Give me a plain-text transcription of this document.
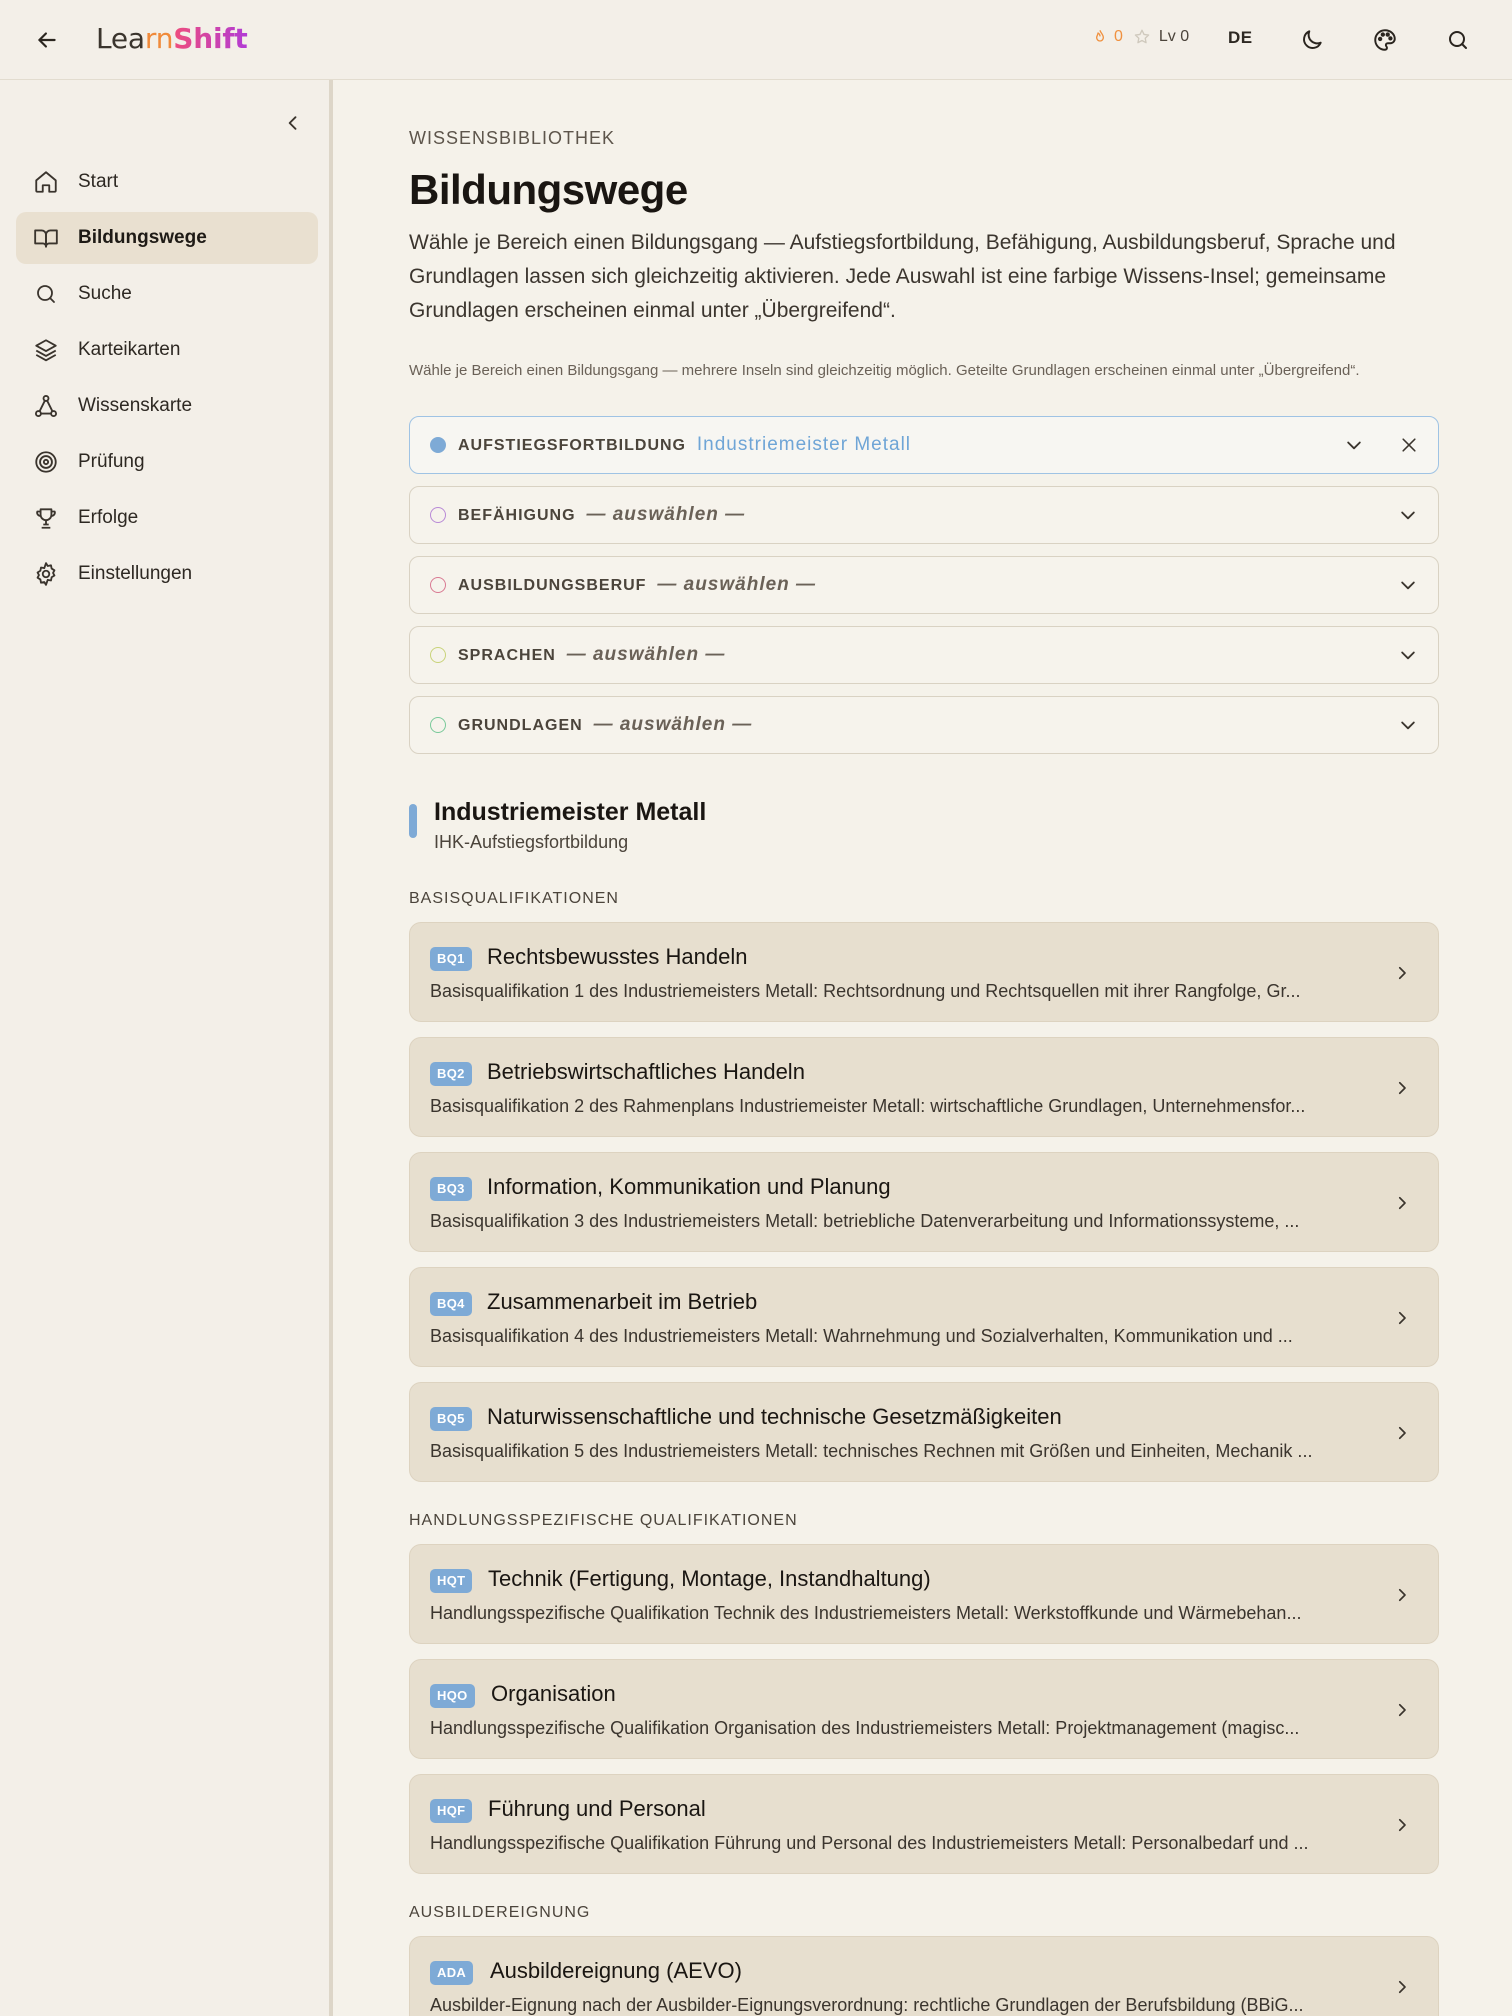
LearnShift	0 Lv 0 DE
Start
Bildungswege
Suche
Karteikarten
Wissenskarte
Prüfung
Erfolge
Einstellungen
WISSENSBIBLIOTHEK
Bildungswege

Wähle je Bereich einen Bildungsgang — Aufstiegsfortbildung, Befähigung, Ausbildungsberuf, Sprache und Grundlagen lassen sich gleichzeitig aktivieren. Jede Auswahl ist eine farbige Wissens-Insel; gemeinsame Grundlagen erscheinen einmal unter „Übergreifend“.

Wähle je Bereich einen Bildungsgang — mehrere Inseln sind gleichzeitig möglich. Geteilte Grundlagen erscheinen einmal unter „Übergreifend“.

AUFSTIEGSFORTBILDUNG Industriemeister Metall
BEFÄHIGUNG — auswählen —
AUSBILDUNGSBERUF — auswählen —
SPRACHEN — auswählen —
GRUNDLAGEN — auswählen —
Industriemeister Metall
IHK-Aufstiegsfortbildung
BASISQUALIFIKATIONEN
BQ1	Rechtsbewusstes Handeln
Basisqualifikation 1 des Industriemeisters Metall: Rechtsordnung und Rechtsquellen mit ihrer Rangfolge, Gr...
BQ2	Betriebswirtschaftliches Handeln
Basisqualifikation 2 des Rahmenplans Industriemeister Metall: wirtschaftliche Grundlagen, Unternehmensfor...
BQ3	Information, Kommunikation und Planung
Basisqualifikation 3 des Industriemeisters Metall: betriebliche Datenverarbeitung und Informationssysteme, ...
BQ4	Zusammenarbeit im Betrieb
Basisqualifikation 4 des Industriemeisters Metall: Wahrnehmung und Sozialverhalten, Kommunikation und ...
BQ5	Naturwissenschaftliche und technische Gesetzmäßigkeiten
Basisqualifikation 5 des Industriemeisters Metall: technisches Rechnen mit Größen und Einheiten, Mechanik ...
HANDLUNGSSPEZIFISCHE QUALIFIKATIONEN
HQT	Technik (Fertigung, Montage, Instandhaltung)
Handlungsspezifische Qualifikation Technik des Industriemeisters Metall: Werkstoffkunde und Wärmebehan...
HQO	Organisation
Handlungsspezifische Qualifikation Organisation des Industriemeisters Metall: Projektmanagement (magisc...
HQF	Führung und Personal
Handlungsspezifische Qualifikation Führung und Personal des Industriemeisters Metall: Personalbedarf und ...
AUSBILDEREIGNUNG
ADA	Ausbildereignung (AEVO)
Ausbilder-Eignung nach der Ausbilder-Eignungsverordnung: rechtliche Grundlagen der Berufsbildung (BBiG...
